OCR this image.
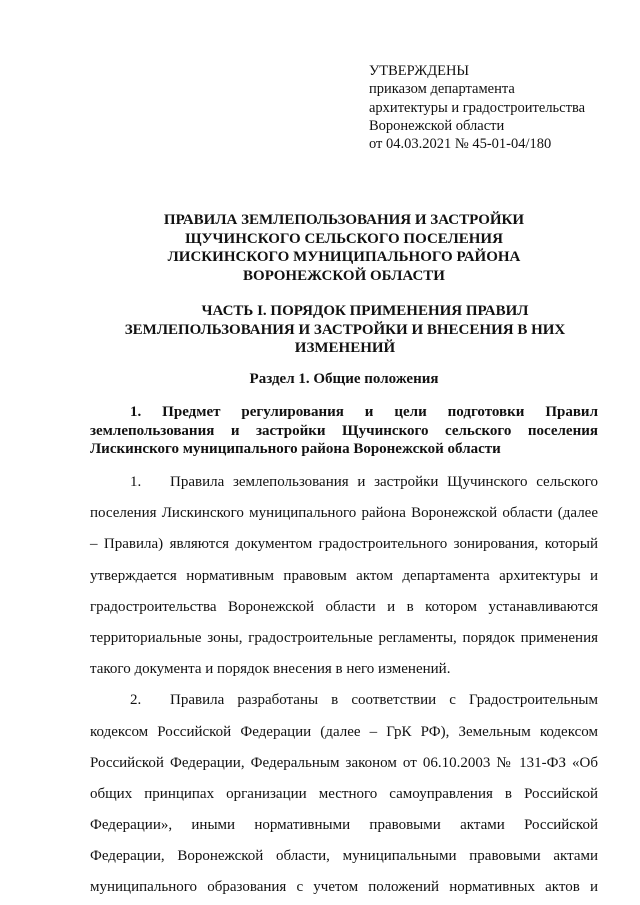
УТВЕРЖДЕНЫ
приказом департамента
архитектуры и градостроительства
Воронежской области
от 04.03.2021 № 45-01-04/180
ПРАВИЛА ЗЕМЛЕПОЛЬЗОВАНИЯ И ЗАСТРОЙКИ
ЩУЧИНСКОГО СЕЛЬСКОГО ПОСЕЛЕНИЯ
ЛИСКИНСКОГО МУНИЦИПАЛЬНОГО РАЙОНА
ВОРОНЕЖСКОЙ ОБЛАСТИ
ЧАСТЬ I. ПОРЯДОК ПРИМЕНЕНИЯ ПРАВИЛ
ЗЕМЛЕПОЛЬЗОВАНИЯ И ЗАСТРОЙКИ И ВНЕСЕНИЯ В НИХ
ИЗМЕНЕНИЙ
Раздел 1. Общие положения
1. Предмет регулирования и цели подготовки Правил
землепользования и застройки Щучинского сельского поселения
Лискинского муниципального района Воронежской области
1. Правила землепользования и застройки Щучинского сельского
поселения Лискинского муниципального района Воронежской области (далее
– Правила) являются документом градостроительного зонирования, который
утверждается нормативным правовым актом департамента архитектуры и
градостроительства Воронежской области и в котором устанавливаются
территориальные зоны, градостроительные регламенты, порядок применения
такого документа и порядок внесения в него изменений.
2. Правила разработаны в соответствии с Градостроительным
кодексом Российской Федерации (далее – ГрК РФ), Земельным кодексом
Российской Федерации, Федеральным законом от 06.10.2003 № 131-ФЗ «Об
общих принципах организации местного самоуправления в Российской
Федерации», иными нормативными правовыми актами Российской
Федерации, Воронежской области, муниципальными правовыми актами
муниципального образования с учетом положений нормативных актов и
